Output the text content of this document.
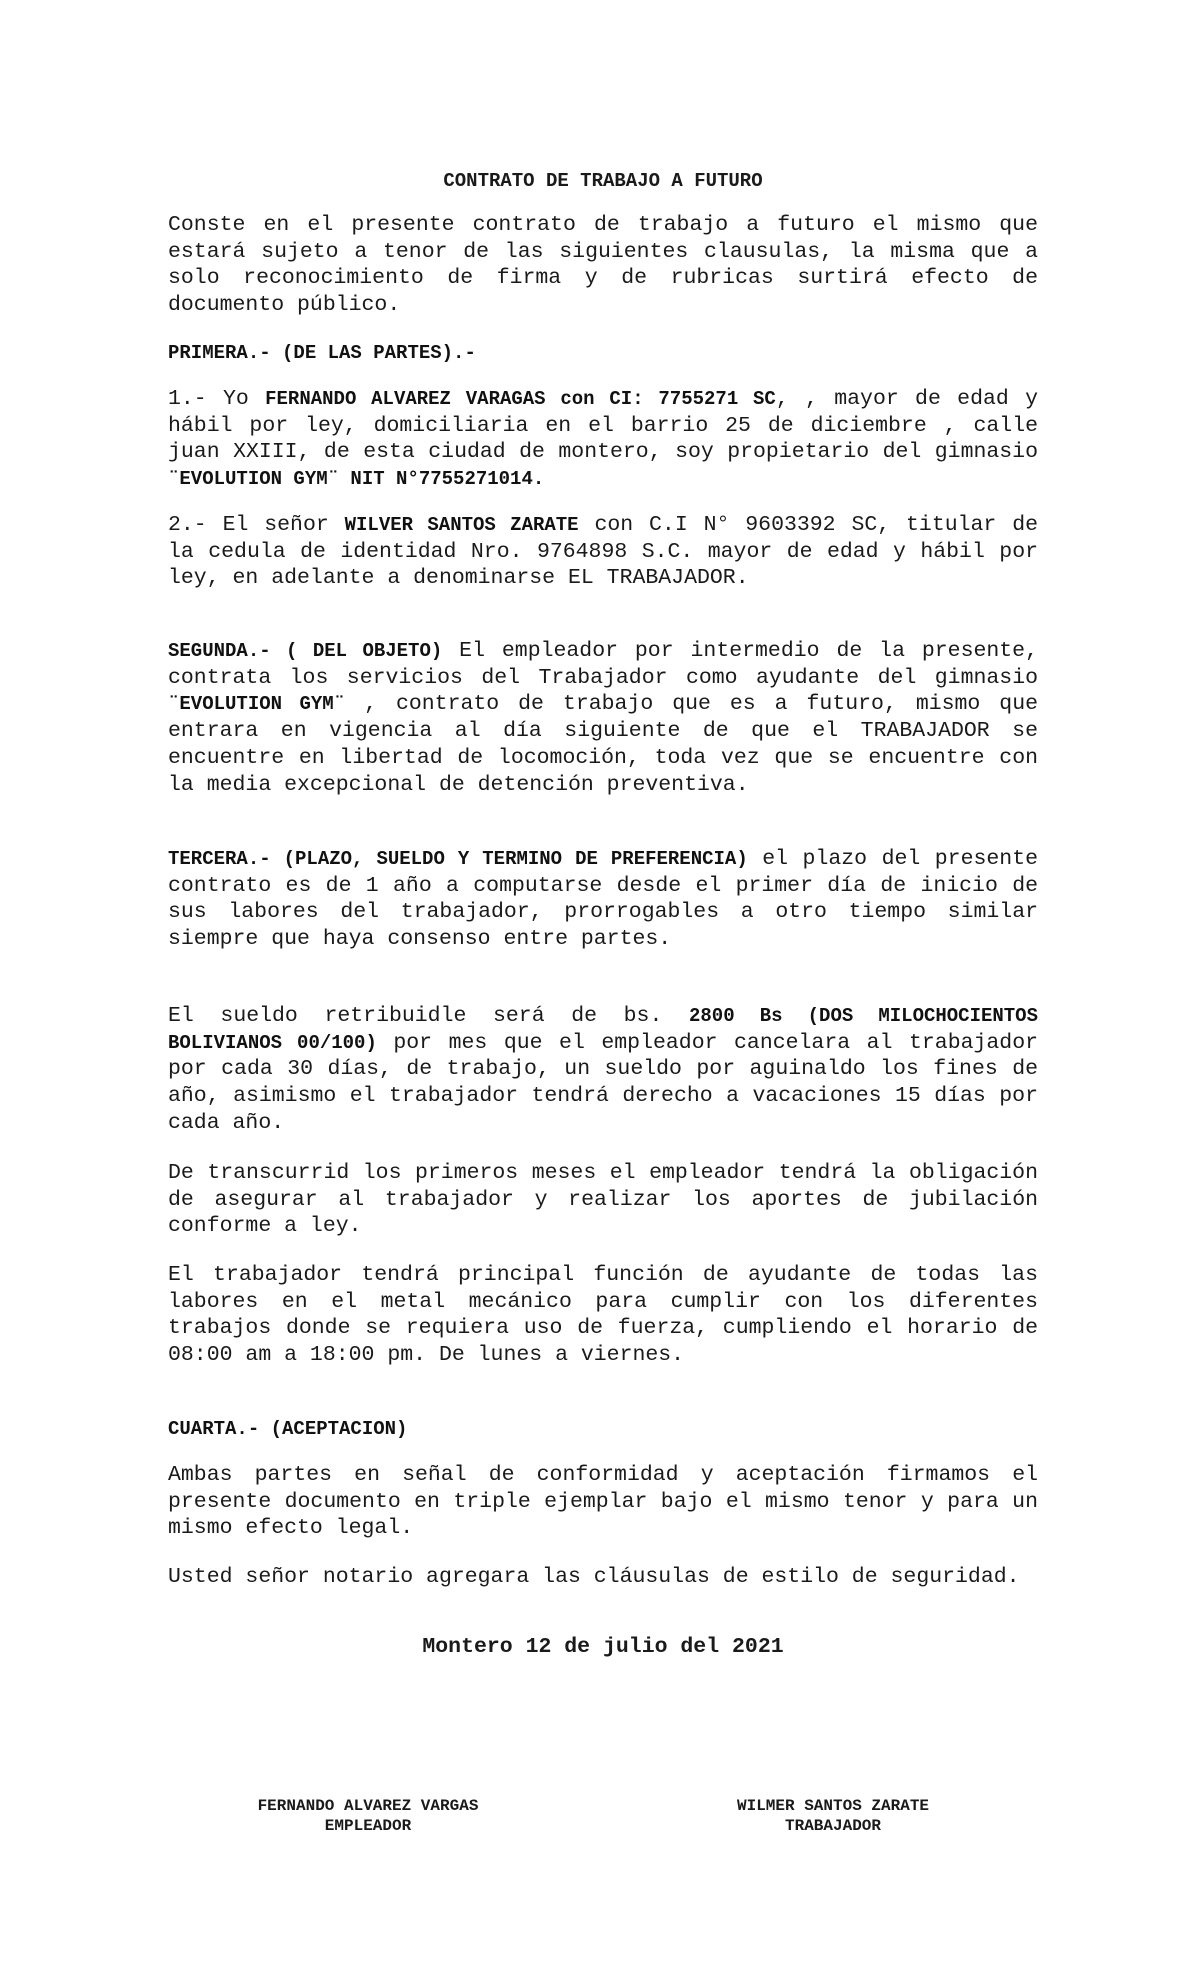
CONTRATO DE TRABAJO A FUTURO

Conste en el presente contrato de trabajo a futuro el mismo que estará sujeto a tenor de las siguientes clausulas, la misma que a solo reconocimiento de firma y de rubricas surtirá efecto de documento público.

PRIMERA.- (DE LAS PARTES).-

1.- Yo FERNANDO ALVAREZ VARAGAS con CI: 7755271 SC, , mayor de edad y hábil por ley, domiciliaria en el barrio 25 de diciembre , calle juan XXIII, de esta ciudad de montero, soy propietario del gimnasio ¨EVOLUTION GYM¨ NIT N°7755271014.

2.- El señor WILVER SANTOS ZARATE con C.I N° 9603392 SC, titular de la cedula de identidad Nro. 9764898 S.C. mayor de edad y hábil por ley, en adelante a denominarse EL TRABAJADOR.

SEGUNDA.- ( DEL OBJETO) El empleador por intermedio de la presente, contrata los servicios del Trabajador como ayudante del gimnasio ¨EVOLUTION GYM¨ , contrato de trabajo que es a futuro, mismo que entrara en vigencia al día siguiente de que el TRABAJADOR se encuentre en libertad de locomoción, toda vez que se encuentre con la media excepcional de detención preventiva.

TERCERA.- (PLAZO, SUELDO Y TERMINO DE PREFERENCIA) el plazo del presente contrato es de 1 año a computarse desde el primer día de inicio de sus labores del trabajador, prorrogables a otro tiempo similar siempre que haya consenso entre partes.

El sueldo retribuidle será de bs. 2800 Bs (DOS MILOCHOCIENTOS BOLIVIANOS 00/100) por mes que el empleador cancelara al trabajador por cada 30 días, de trabajo, un sueldo por aguinaldo los fines de año, asimismo el trabajador tendrá derecho a vacaciones 15 días por cada año.

De transcurrid los primeros meses el empleador tendrá la obligación de asegurar al trabajador y realizar los aportes de jubilación conforme a ley.

El trabajador tendrá principal función de ayudante de todas las labores en el metal mecánico para cumplir con los diferentes trabajos donde se requiera uso de fuerza, cumpliendo el horario de 08:00 am a 18:00 pm. De lunes a viernes.

CUARTA.- (ACEPTACION)

Ambas partes en señal de conformidad y aceptación firmamos el presente documento en triple ejemplar bajo el mismo tenor y para un mismo efecto legal.

Usted señor notario agregara las cláusulas de estilo de seguridad.

Montero 12 de julio del 2021
FERNANDO ALVAREZ VARGAS
EMPLEADOR
WILMER SANTOS ZARATE
TRABAJADOR
